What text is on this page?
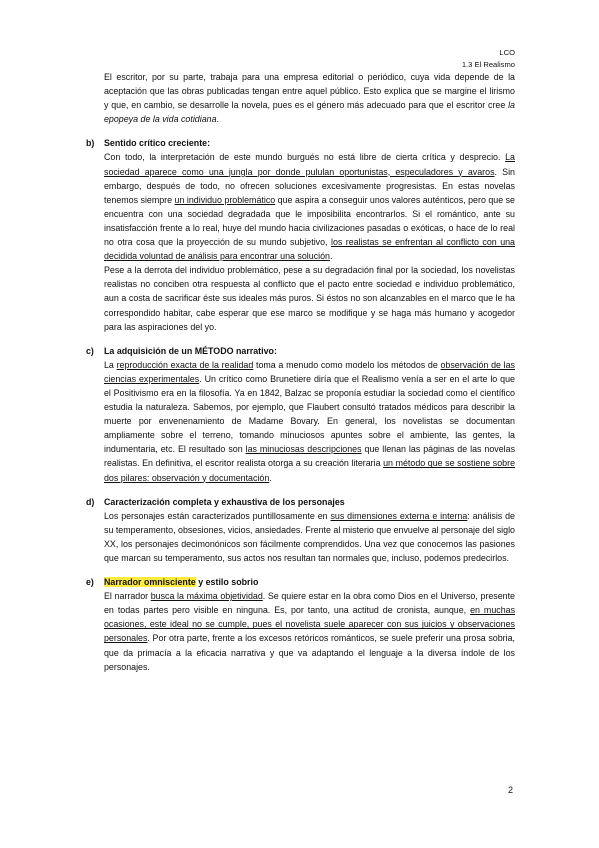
LCO
1.3 El Realismo

El escritor, por su parte, trabaja para una empresa editorial o periódico, cuya vida depende de la aceptación que las obras publicadas tengan entre aquel público. Esto explica que se margine el lirismo y que, en cambio, se desarrolle la novela, pues es el género más adecuado para que el escritor cree la epopeya de la vida cotidiana.

b) Sentido crítico creciente:

Con todo, la interpretación de este mundo burgués no está libre de cierta crítica y desprecio. La sociedad aparece como una jungla por donde pululan oportunistas, especuladores y avaros. Sin embargo, después de todo, no ofrecen soluciones excesivamente progresistas. En estas novelas tenemos siempre un individuo problemático que aspira a conseguir unos valores auténticos, pero que se encuentra con una sociedad degradada que le imposibilita encontrarlos. Si el romántico, ante su insatisfacción frente a lo real, huye del mundo hacia civilizaciones pasadas o exóticas, o hace de lo real no otra cosa que la proyección de su mundo subjetivo, los realistas se enfrentan al conflicto con una decidida voluntad de análisis para encontrar una solución.

Pese a la derrota del individuo problemático, pese a su degradación final por la sociedad, los novelistas realistas no conciben otra respuesta al conflicto que el pacto entre sociedad e individuo problemático, aun a costa de sacrificar éste sus ideales más puros. Si éstos no son alcanzables en el marco que le ha correspondido habitar, cabe esperar que ese marco se modifique y se haga más humano y acogedor para las aspiraciones del yo.

c) La adquisición de un MÉTODO narrativo:

La reproducción exacta de la realidad toma a menudo como modelo los métodos de observación de las ciencias experimentales. Un crítico como Brunetiere diría que el Realismo venía a ser en el arte lo que el Positivismo era en la filosofía. Ya en 1842, Balzac se proponía estudiar la sociedad como el científico estudia la naturaleza. Sabemos, por ejemplo, que Flaubert consultó tratados médicos para describir la muerte por envenenamiento de Madame Bovary. En general, los novelistas se documentan ampliamente sobre el terreno, tomando minuciosos apuntes sobre el ambiente, las gentes, la indumentaria, etc. El resultado son las minuciosas descripciones que llenan las páginas de las novelas realistas. En definitiva, el escritor realista otorga a su creación literaria un método que se sostiene sobre dos pilares: observación y documentación.

d) Caracterización completa y exhaustiva de los personajes

Los personajes están caracterizados puntillosamente en sus dimensiones externa e interna: análisis de su temperamento, obsesiones, vicios, ansiedades. Frente al misterio que envuelve al personaje del siglo XX, los personajes decimonónicos son fácilmente comprendidos. Una vez que conocemos las pasiones que marcan su temperamento, sus actos nos resultan tan normales que, incluso, podemos predecirlos.

e) Narrador omnisciente y estilo sobrio

El narrador busca la máxima objetividad. Se quiere estar en la obra como Dios en el Universo, presente en todas partes pero visible en ninguna. Es, por tanto, una actitud de cronista, aunque, en muchas ocasiones, este ideal no se cumple, pues el novelista suele aparecer con sus juicios y observaciones personales. Por otra parte, frente a los excesos retóricos románticos, se suele preferir una prosa sobria, que da primacía a la eficacia narrativa y que va adaptando el lenguaje a la diversa índole de los personajes.

2
